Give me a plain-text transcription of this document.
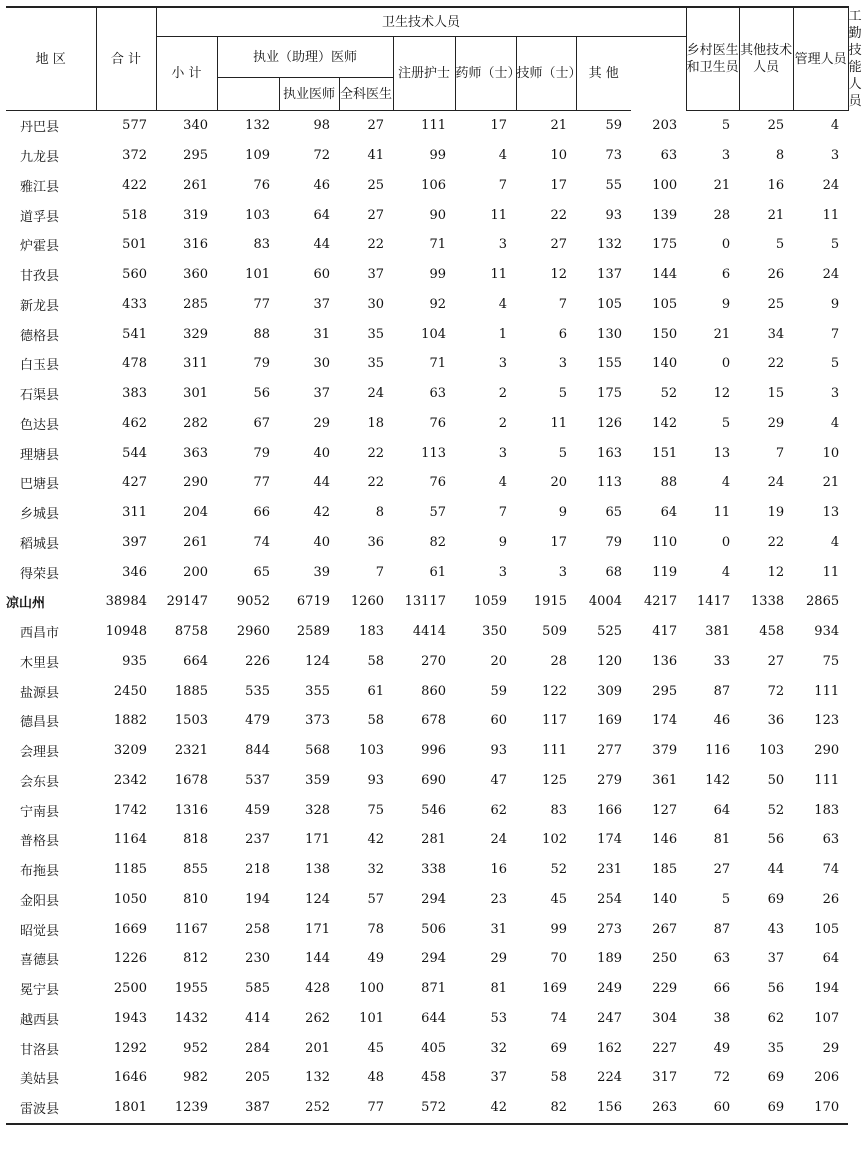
地 区	合 计	卫生技术人员									乡村医生和卫生员	其他技术人员	管理人员	工勤技能人员
		小 计	执业（助理）医师			注册护士	药师（士）	技师（士）	其 他					
				执业医师	全科医生									
丹巴县	577	340	132	98	27	111	17	21	59	203	5	25	4	
九龙县	372	295	109	72	41	99	4	10	73	63	3	8	3	
雅江县	422	261	76	46	25	106	7	17	55	100	21	16	24	
道孚县	518	319	103	64	27	90	11	22	93	139	28	21	11	
炉霍县	501	316	83	44	22	71	3	27	132	175	0	5	5	
甘孜县	560	360	101	60	37	99	11	12	137	144	6	26	24	
新龙县	433	285	77	37	30	92	4	7	105	105	9	25	9	
德格县	541	329	88	31	35	104	1	6	130	150	21	34	7	
白玉县	478	311	79	30	35	71	3	3	155	140	0	22	5	
石渠县	383	301	56	37	24	63	2	5	175	52	12	15	3	
色达县	462	282	67	29	18	76	2	11	126	142	5	29	4	
理塘县	544	363	79	40	22	113	3	5	163	151	13	7	10	
巴塘县	427	290	77	44	22	76	4	20	113	88	4	24	21	
乡城县	311	204	66	42	8	57	7	9	65	64	11	19	13	
稻城县	397	261	74	40	36	82	9	17	79	110	0	22	4	
得荣县	346	200	65	39	7	61	3	3	68	119	4	12	11	
凉山州	38984	29147	9052	6719	1260	13117	1059	1915	4004	4217	1417	1338	2865	
西昌市	10948	8758	2960	2589	183	4414	350	509	525	417	381	458	934	
木里县	935	664	226	124	58	270	20	28	120	136	33	27	75	
盐源县	2450	1885	535	355	61	860	59	122	309	295	87	72	111	
德昌县	1882	1503	479	373	58	678	60	117	169	174	46	36	123	
会理县	3209	2321	844	568	103	996	93	111	277	379	116	103	290	
会东县	2342	1678	537	359	93	690	47	125	279	361	142	50	111	
宁南县	1742	1316	459	328	75	546	62	83	166	127	64	52	183	
普格县	1164	818	237	171	42	281	24	102	174	146	81	56	63	
布拖县	1185	855	218	138	32	338	16	52	231	185	27	44	74	
金阳县	1050	810	194	124	57	294	23	45	254	140	5	69	26	
昭觉县	1669	1167	258	171	78	506	31	99	273	267	87	43	105	
喜德县	1226	812	230	144	49	294	29	70	189	250	63	37	64	
冕宁县	2500	1955	585	428	100	871	81	169	249	229	66	56	194	
越西县	1943	1432	414	262	101	644	53	74	247	304	38	62	107	
甘洛县	1292	952	284	201	45	405	32	69	162	227	49	35	29	
美姑县	1646	982	205	132	48	458	37	58	224	317	72	69	206	
雷波县	1801	1239	387	252	77	572	42	82	156	263	60	69	170	
